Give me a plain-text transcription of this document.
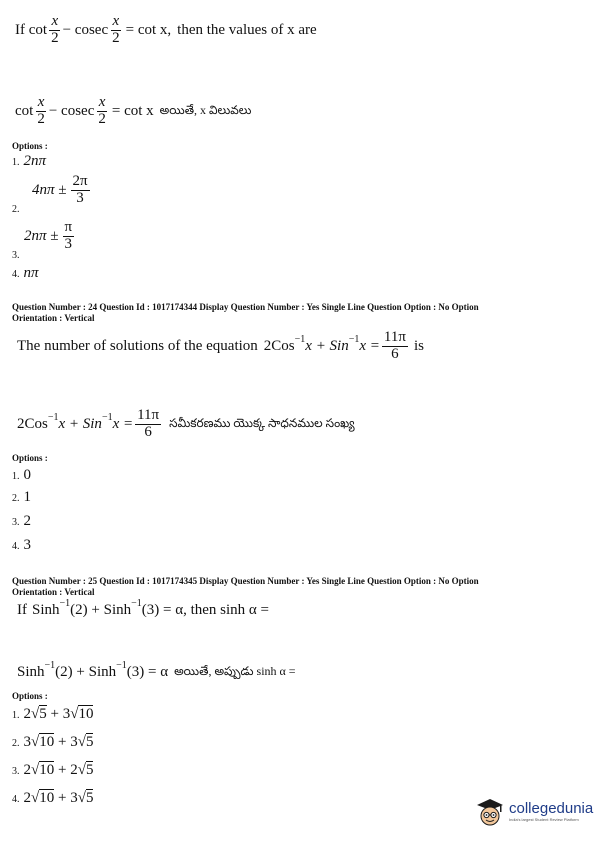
If $\cot \frac{x}{2} - cosec \frac{x}{2} = \cot x$, then the values of x are
$\cot \frac{x}{2} - cosec \frac{x}{2} = \cot x$ అయితే, x విలువలు
Options :
1. 2nπ
$4n\pi \pm \frac{2\pi}{3}$
2.
$2n\pi \pm \frac{\pi}{3}$
3.
4. nπ
Question Number : 24 Question Id : 1017174344 Display Question Number : Yes Single Line Question Option : No Option
Orientation : Vertical
The number of solutions of the equation 2Cos −1 x + Sin −1 $x = \frac{11\pi}{6}$ is
2Cos −1 x + Sin −1 $x = \frac{11\pi}{6}$ సమీకరణము యొక్క సాధనముల సంఖ్య
Options :
1. 0
2. 1
3. 2
4. 3
Question Number : 25 Question Id : 1017174345 Display Question Number : Yes Single Line Question Option : No Option
Orientation : Vertical
If Sinh −1 (2) + Sinh −1 (3) = α , then sinh α =
Sinh −1 (2) + Sinh −1 (3) = α అయితే, అప్పుడు sinh α =
Options :
1. 2√5 + 3√10
2. 3√10 + 3√5
3. 2√10 + 2√5
4. 2√10 + 3√5
collegedunia
India's largest Student Review Platform
